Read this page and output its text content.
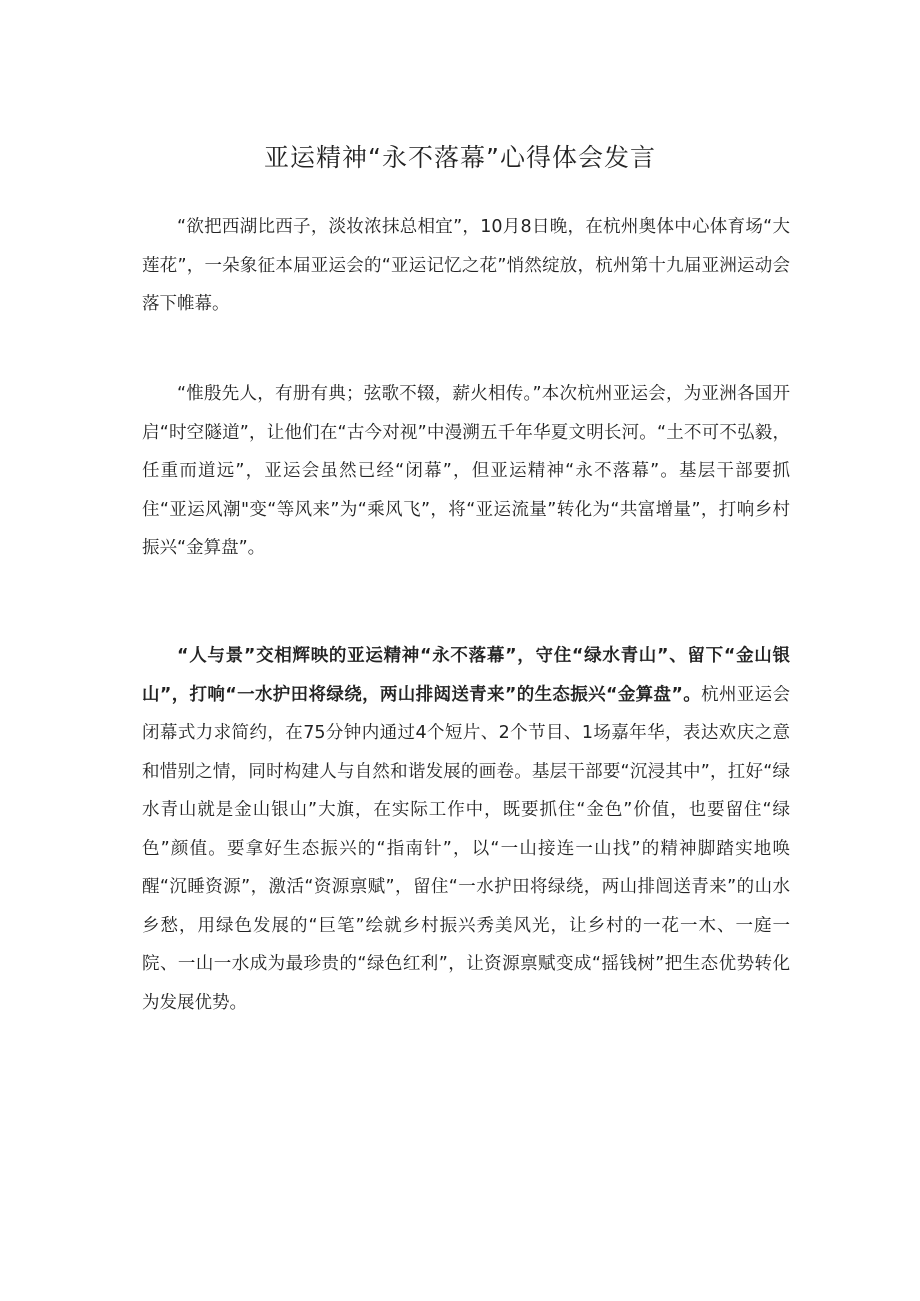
亚运精神“永不落幕”心得体会发言

“欲把西湖比西子，淡妆浓抹总相宜”，10月8日晚，在杭州奥体中心体育场“大莲花”，一朵象征本届亚运会的“亚运记忆之花”悄然绽放，杭州第十九届亚洲运动会落下帷幕。

“惟殷先人，有册有典；弦歌不辍，薪火相传。”本次杭州亚运会，为亚洲各国开启“时空隧道”，让他们在“古今对视”中漫溯五千年华夏文明长河。“土不可不弘毅，任重而道远”，亚运会虽然已经“闭幕”，但亚运精神“永不落幕”。基层干部要抓住“亚运风潮"变“等风来”为“乘风飞”，将“亚运流量”转化为“共富增量”，打响乡村振兴“金算盘”。

“人与景”交相辉映的亚运精神“永不落幕”，守住“绿水青山”、留下“金山银山”，打响“一水护田将绿绕，两山排闼送青来”的生态振兴“金算盘”。杭州亚运会闭幕式力求简约，在75分钟内通过4个短片、2个节目、1场嘉年华，表达欢庆之意和惜别之情，同时构建人与自然和谐发展的画卷。基层干部要“沉浸其中”，扛好“绿水青山就是金山银山”大旗，在实际工作中，既要抓住“金色”价值，也要留住“绿色”颜值。要拿好生态振兴的“指南针”，以“一山接连一山找”的精神脚踏实地唤醒“沉睡资源”，激活“资源禀赋”，留住“一水护田将绿绕，两山排闿送青来”的山水乡愁，用绿色发展的“巨笔”绘就乡村振兴秀美风光，让乡村的一花一木、一庭一院、一山一水成为最珍贵的“绿色红利”，让资源禀赋变成“摇钱树”把生态优势转化为发展优势。
